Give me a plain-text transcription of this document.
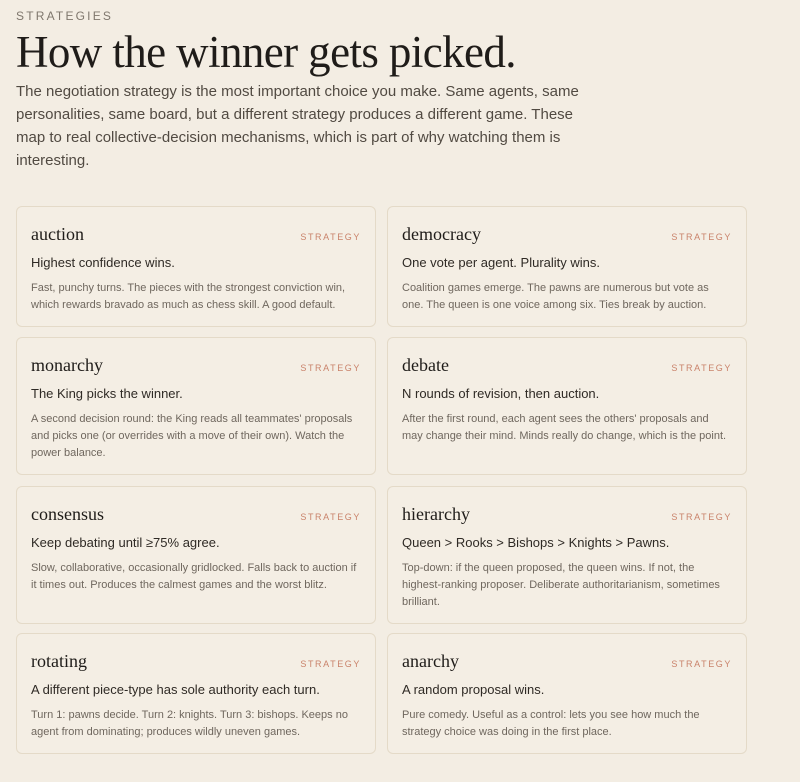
STRATEGIES
How the winner gets picked.

The negotiation strategy is the most important choice you make. Same agents, same personalities, same board, but a different strategy produces a different game. These map to real collective-decision mechanisms, which is part of why watching them is interesting.

auction	STRATEGY
Highest confidence wins.
Fast, punchy turns. The pieces with the strongest conviction win, which rewards bravado as much as chess skill. A good default.
democracy	STRATEGY
One vote per agent. Plurality wins.
Coalition games emerge. The pawns are numerous but vote as one. The queen is one voice among six. Ties break by auction.
monarchy	STRATEGY
The King picks the winner.
A second decision round: the King reads all teammates' proposals and picks one (or overrides with a move of their own). Watch the power balance.
debate	STRATEGY
N rounds of revision, then auction.
After the first round, each agent sees the others' proposals and may change their mind. Minds really do change, which is the point.
consensus	STRATEGY
Keep debating until ≥75% agree.
Slow, collaborative, occasionally gridlocked. Falls back to auction if it times out. Produces the calmest games and the worst blitz.
hierarchy	STRATEGY
Queen > Rooks > Bishops > Knights > Pawns.
Top-down: if the queen proposed, the queen wins. If not, the highest-ranking proposer. Deliberate authoritarianism, sometimes brilliant.
rotating	STRATEGY
A different piece-type has sole authority each turn.
Turn 1: pawns decide. Turn 2: knights. Turn 3: bishops. Keeps no agent from dominating; produces wildly uneven games.
anarchy	STRATEGY
A random proposal wins.
Pure comedy. Useful as a control: lets you see how much the strategy choice was doing in the first place.
